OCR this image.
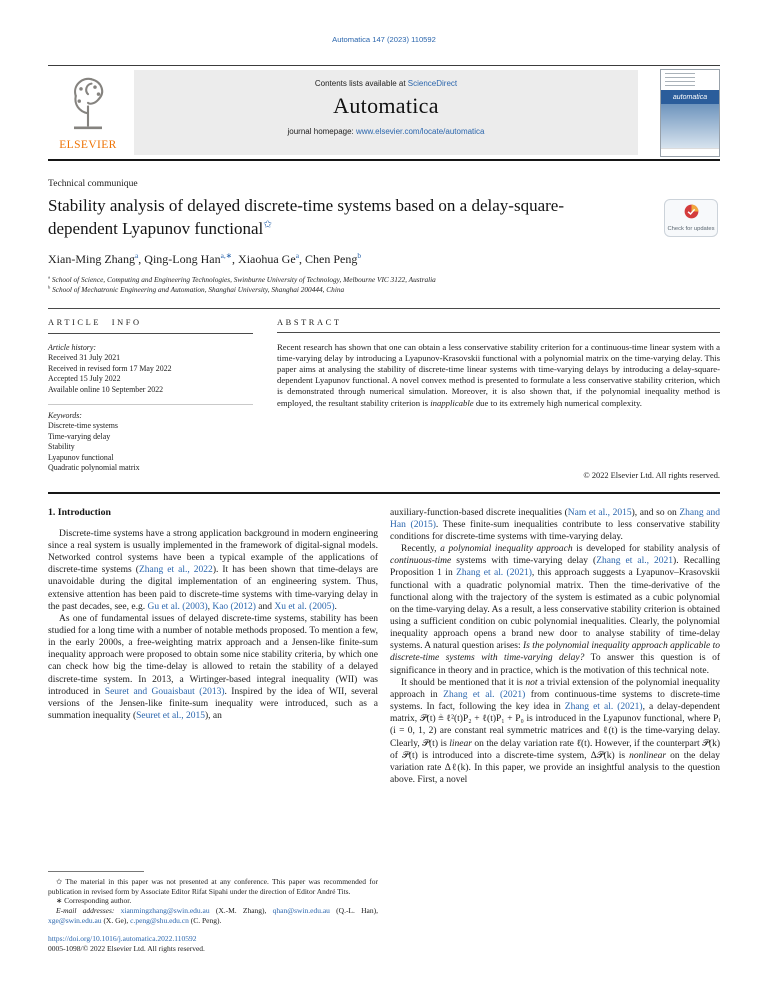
Automatica 147 (2023) 110592
Contents lists available at ScienceDirect
Automatica
journal homepage: www.elsevier.com/locate/automatica
ELSEVIER
automatica
Technical communique
Stability analysis of delayed discrete-time systems based on a delay-square-dependent Lyapunov functional✩	Check for updates

Xian-Ming Zhang$^a$, Qing-Long Han$^{a,∗}$, Xiaohua Ge$^a$, Chen Peng$^b$

$^a$ School of Science, Computing and Engineering Technologies, Swinburne University of Technology, Melbourne VIC 3122, Australia
$^b$ School of Mechatronic Engineering and Automation, Shanghai University, Shanghai 200444, China
ARTICLE INFO
Article history:
Received 31 July 2021
Received in revised form 17 May 2022
Accepted 15 July 2022
Available online 10 September 2022
Keywords:
Discrete-time systems
Time-varying delay
Stability
Lyapunov functional
Quadratic polynomial matrix
ABSTRACT

Recent research has shown that one can obtain a less conservative stability criterion for a continuous-time linear system with a time-varying delay by introducing a Lyapunov-Krasovskii functional with a polynomial matrix on the time-varying delay. This paper aims at analysing the stability of discrete-time linear systems with time-varying delays by introducing a delay-square-dependent Lyapunov functional. A novel convex method is presented to formulate a less conservative stability criterion, which is demonstrated through numerical simulation. Moreover, it is also shown that, if the polynomial inequality method is employed, the resultant stability criterion is inapplicable due to its extremely high numerical complexity.

© 2022 Elsevier Ltd. All rights reserved.
1. Introduction

Discrete-time systems have a strong application background in modern engineering since a real system is usually implemented in the framework of digital-signal models. Networked control systems have been a typical example of the applications of discrete-time systems (Zhang et al., 2022). It has been shown that time-delays are unavoidable during the digital implementation of an engineering system. Thus, extensive attention has been paid to discrete-time systems with time-varying delay in the past decades, see, e.g. Gu et al. (2003), Kao (2012) and Xu et al. (2005).

As one of fundamental issues of delayed discrete-time systems, stability has been studied for a long time with a number of notable methods proposed. To mention a few, in the early 2000s, a free-weighting matrix approach and a Jensen-like finite-sum inequality approach were proposed to obtain some nice stability criteria, by which one can check how big the time-delay is allowed to retain the stability of a delayed discrete-time system. In 2013, a Wirtinger-based integral inequality (WII) was introduced in Seuret and Gouaisbaut (2013). Inspired by the idea of WII, several versions of the Jensen-like finite-sum inequality were introduced, such as a summation inequality (Seuret et al., 2015), an

✩ The material in this paper was not presented at any conference. This paper was recommended for publication in revised form by Associate Editor Rifat Sipahi under the direction of Editor André Tits.

∗ Corresponding author.

E-mail addresses: xianmingzhang@swin.edu.au (X.-M. Zhang), qhan@swin.edu.au (Q.-L. Han), xge@swin.edu.au (X. Ge), c.peng@shu.edu.cn (C. Peng).

https://doi.org/10.1016/j.automatica.2022.110592
0005-1098/© 2022 Elsevier Ltd. All rights reserved.

auxiliary-function-based discrete inequalities (Nam et al., 2015), and so on Zhang and Han (2015). These finite-sum inequalities contribute to less conservative stability conditions for discrete-time systems with time-varying delay.

Recently, a polynomial inequality approach is developed for stability analysis of continuous-time systems with time-varying delay (Zhang et al., 2021). Recalling Proposition 1 in Zhang et al. (2021), this approach suggests a Lyapunov–Krasovskii functional with a quadratic polynomial matrix. Then the time-derivative of the functional along with the trajectory of the system is estimated as a cubic polynomial on the time-varying delay. As a result, a less conservative stability criterion is obtained using a sufficient condition on cubic polynomial inequalities. Clearly, the polynomial inequality approach opens a brand new door to analyse stability of time-delay systems. A natural question arises: Is the polynomial inequality approach applicable to discrete-time systems with time-varying delay? To answer this question is of significance in theory and in practice, which is the motivation of this technical note.

It should be mentioned that it is not a trivial extension of the polynomial inequality approach in Zhang et al. (2021) from continuous-time systems to discrete-time systems. In fact, following the key idea in Zhang et al. (2021), a delay-dependent matrix, 𝒫(t) ≜ ℓ²(t)P₂ + ℓ(t)P₁ + P₀ is introduced in the Lyapunov functional, where Pᵢ (i = 0, 1, 2) are constant real symmetric matrices and ℓ(t) is the time-varying delay. Clearly, 𝒫̇(t) is linear on the delay variation rate ℓ̇(t). However, if the counterpart 𝒫(k) of 𝒫(t) is introduced into a discrete-time system, Δ𝒫(k) is nonlinear on the delay variation rate Δℓ(k). In this paper, we provide an insightful analysis to the question above. First, a novel
